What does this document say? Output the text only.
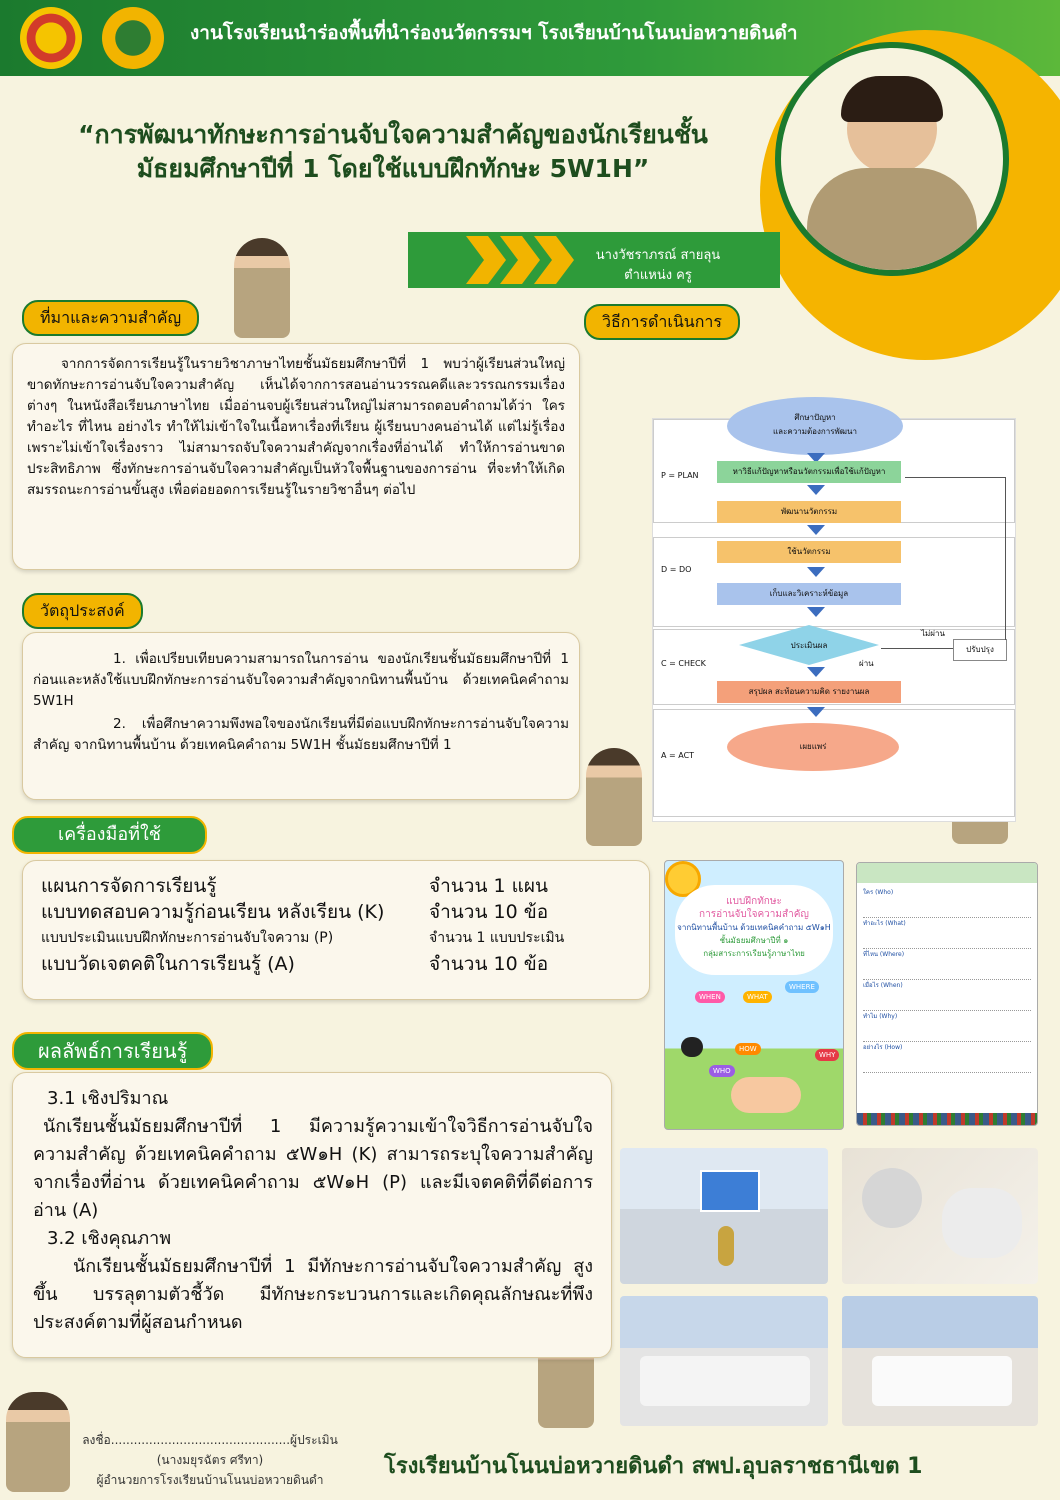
งานโรงเรียนนำร่องพื้นที่นำร่องนวัตกรรมฯ โรงเรียนบ้านโนนบ่อหวายดินดำ
“การพัฒนาทักษะการอ่านจับใจความสำคัญของนักเรียนชั้น
มัธยมศึกษาปีที่ 1 โดยใช้แบบฝึกทักษะ 5W1H”
นางวัชราภรณ์ สายลุน
ตำแหน่ง ครู
ที่มาและความสำคัญ
จากการจัดการเรียนรู้ในรายวิชาภาษาไทยชั้นมัธยมศึกษาปีที่ 1 พบว่าผู้เรียนส่วนใหญ่ขาดทักษะการอ่านจับใจความสำคัญ เห็นได้จากการสอนอ่านวรรณคดีและวรรณกรรมเรื่องต่างๆ ในหนังสือเรียนภาษาไทย เมื่ออ่านจบผู้เรียนส่วนใหญ่ไม่สามารถตอบคำถามได้ว่า ใคร ทำอะไร ที่ไหน อย่างไร ทำให้ไม่เข้าใจในเนื้อหาเรื่องที่เรียน ผู้เรียนบางคนอ่านได้ แต่ไม่รู้เรื่อง เพราะไม่เข้าใจเรื่องราว ไม่สามารถจับใจความสำคัญจากเรื่องที่อ่านได้ ทำให้การอ่านขาดประสิทธิภาพ ซึ่งทักษะการอ่านจับใจความสำคัญเป็นหัวใจพื้นฐานของการอ่าน ที่จะทำให้เกิดสมรรถนะการอ่านขั้นสูง เพื่อต่อยอดการเรียนรู้ในรายวิชาอื่นๆ ต่อไป
วัตถุประสงค์
1. เพื่อเปรียบเทียบความสามารถในการอ่าน ของนักเรียนชั้นมัธยมศึกษาปีที่ 1 ก่อนและหลังใช้แบบฝึกทักษะการอ่านจับใจความสำคัญจากนิทานพื้นบ้าน ด้วยเทคนิคคำถาม 5W1H
2. เพื่อศึกษาความพึงพอใจของนักเรียนที่มีต่อแบบฝึกทักษะการอ่านจับใจความสำคัญ จากนิทานพื้นบ้าน ด้วยเทคนิคคำถาม 5W1H ชั้นมัธยมศึกษาปีที่ 1
เครื่องมือที่ใช้
แผนการจัดการเรียนรู้	จำนวน 1 แผน
แบบทดสอบความรู้ก่อนเรียน หลังเรียน (K)	จำนวน 10 ข้อ
แบบประเมินแบบฝึกทักษะการอ่านจับใจความ (P)	จำนวน 1 แบบประเมิน
แบบวัดเจตคติในการเรียนรู้ (A)	จำนวน 10 ข้อ
ผลลัพธ์การเรียนรู้
3.1 เชิงปริมาณ
นักเรียนชั้นมัธยมศึกษาปีที่ 1 มีความรู้ความเข้าใจวิธีการอ่านจับใจความสำคัญ ด้วยเทคนิคคำถาม ๕W๑H (K) สามารถระบุใจความสำคัญจากเรื่องที่อ่าน ด้วยเทคนิคคำถาม ๕W๑H (P) และมีเจตคติที่ดีต่อการอ่าน (A)
3.2 เชิงคุณภาพ
นักเรียนชั้นมัธยมศึกษาปีที่ 1 มีทักษะการอ่านจับใจความสำคัญ สูงขึ้น บรรลุตามตัวชี้วัด มีทักษะกระบวนการและเกิดคุณลักษณะที่พึงประสงค์ตามที่ผู้สอนกำหนด
วิธีการดำเนินการ
P = PLAN
D = DO
C = CHECK
A = ACT
ศึกษาปัญหา
และความต้องการพัฒนา
หาวิธีแก้ปัญหาหรือนวัตกรรมเพื่อใช้แก้ปัญหา
พัฒนานวัตกรรม
ใช้นวัตกรรม
เก็บและวิเคราะห์ข้อมูล
ประเมินผล
ไม่ผ่าน
ผ่าน
ปรับปรุง
สรุปผล สะท้อนความคิด รายงานผล
เผยแพร่
แบบฝึกทักษะ
การอ่านจับใจความสำคัญ
จากนิทานพื้นบ้าน ด้วยเทคนิคคำถาม ๕W๑H
ชั้นมัธยมศึกษาปีที่ ๑
กลุ่มสาระการเรียนรู้ภาษาไทย
WHEN	WHAT
WHERE
HOW
WHO
WHY
ใคร (Who)
ทำอะไร (What)
ที่ไหน (Where)
เมื่อไร (When)
ทำไม (Why)
อย่างไร (How)
ลงชื่อ...............................................ผู้ประเมิน
(นางมยุรฉัตร ศรีทา)
ผู้อำนวยการโรงเรียนบ้านโนนบ่อหวายดินดำ
โรงเรียนบ้านโนนบ่อหวายดินดำ สพป.อุบลราชธานีเขต 1
